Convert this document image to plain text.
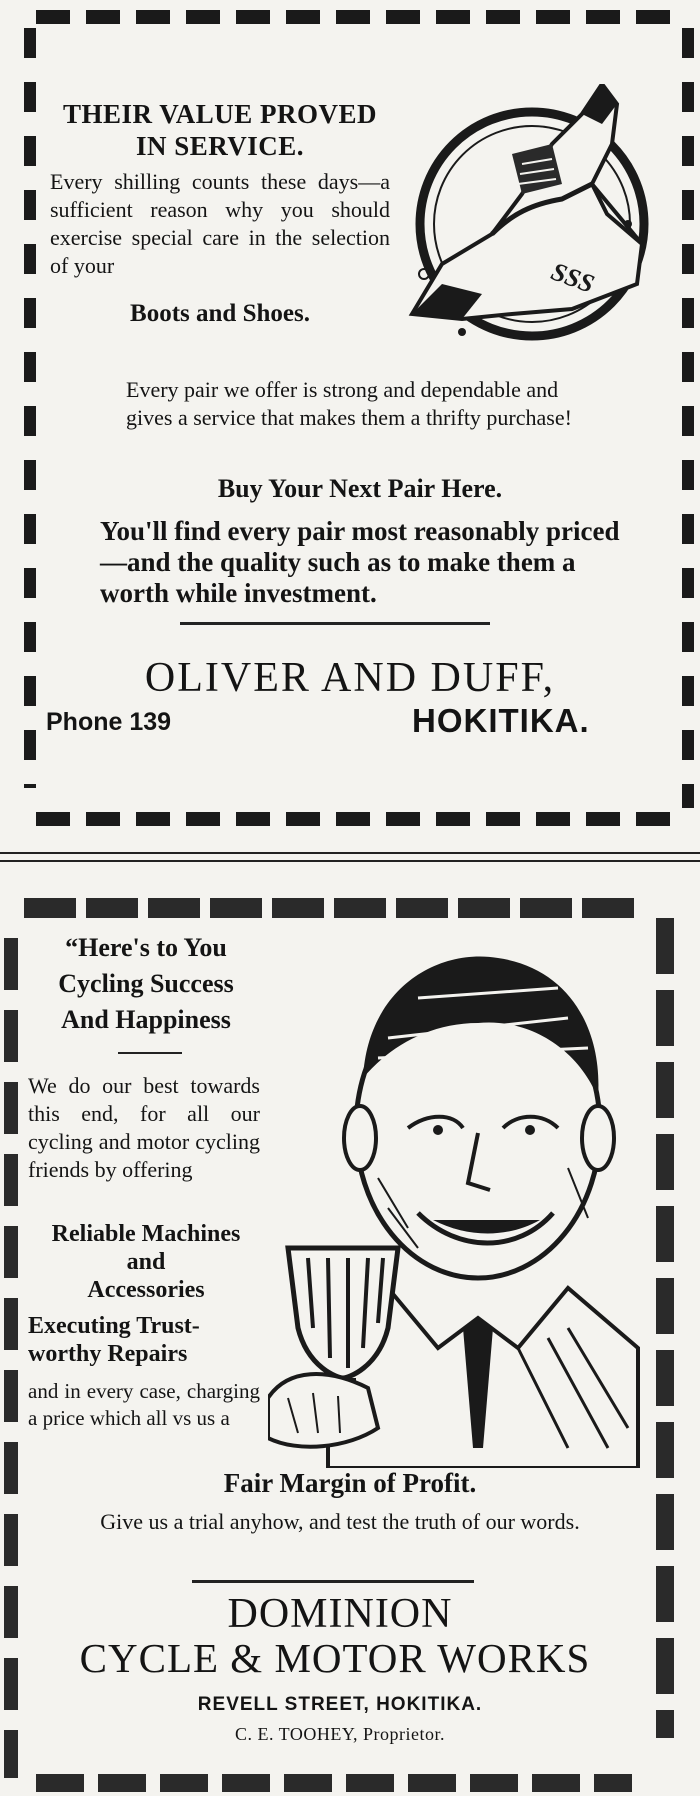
THEIR VALUE PROVED
IN SERVICE.

Every shilling counts these days—a sufficient reason why you should exercise special care in the selection of your

Boots and Shoes.
SSS

Every pair we offer is strong and dependable and gives a service that makes them a thrifty purchase!

Buy Your Next Pair Here.

You'll find every pair most reasonably priced—and the quality such as to make them a worth while investment.

OLIVER AND DUFF,
Phone 139	HOKITIKA.
“Here's to You
Cycling Success
And Happiness

We do our best towards this end, for all our cycling and motor cycling friends by offering

Reliable Machines
and
Accessories
Executing Trust-
worthy Repairs

and in every case, charging a price which all vs us a

Fair Margin of Profit.

Give us a trial anyhow, and test the truth of our words.

DOMINION
CYCLE & MOTOR WORKS
REVELL STREET, HOKITIKA.
C. E. TOOHEY, Proprietor.
